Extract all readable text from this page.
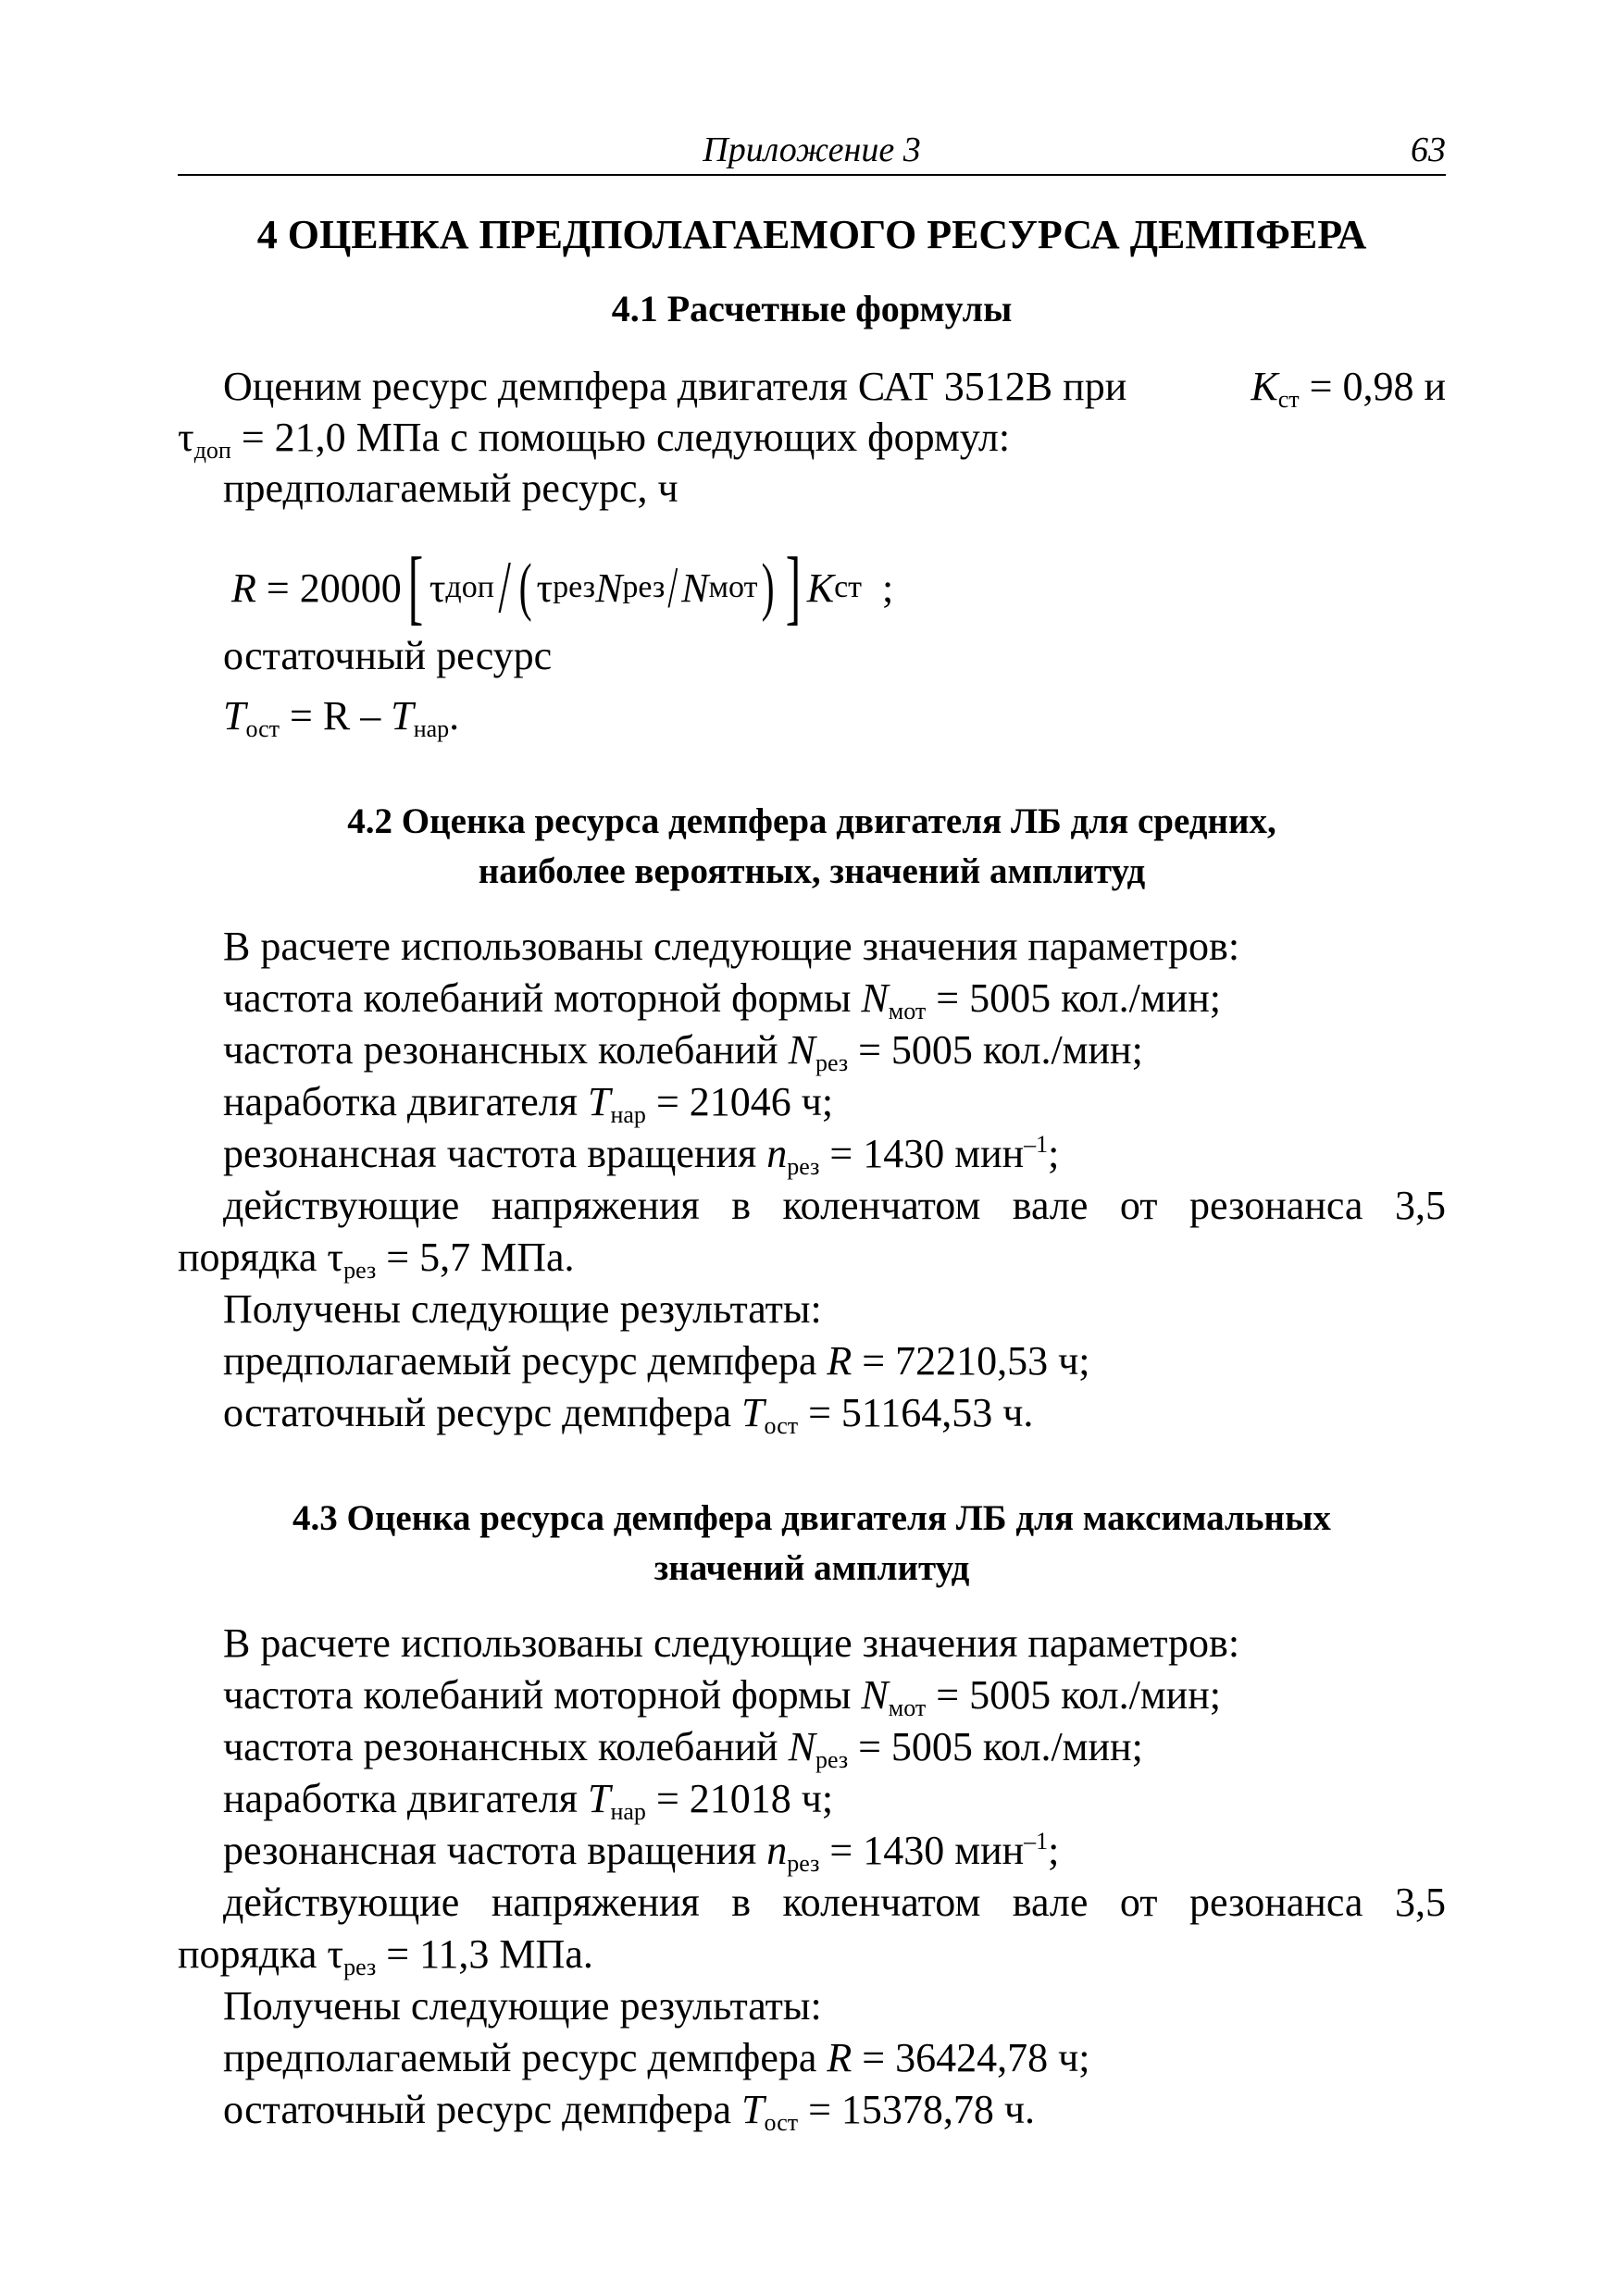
Приложение 3	63
4 ОЦЕНКА ПРЕДПОЛАГАЕМОГО РЕСУРСА ДЕМПФЕРА
4.1 Расчетные формулы
Оценим ресурс демпфера двигателя САТ 3512В при	$K_{ст} = 0,98$ и
$\tau_{доп} = 21,0$ МПа с помощью следующих формул:
предполагаемый ресурс, ч
R
= 20000 [ τ доп / ( τ рез N рез / N мот ) ] K ст
;
остаточный ресурс
$T_{ост} = R - T_{нар}$.
4.2 Оценка ресурса демпфера двигателя ЛБ для средних,
наиболее вероятных, значений амплитуд
В расчете использованы следующие значения параметров:
частота колебаний моторной формы $N_{мот} = 5005$ кол./мин;
частота резонансных колебаний $N_{рез} = 5005$ кол./мин;
наработка двигателя $T_{нар} = 21046$ ч;
резонансная частота вращения $n_{рез} = 1430$ мин$^{-1}$;
действующие напряжения в коленчатом вале от резонанса 3,5
порядка $\tau_{рез} = 5,7$ МПа.
Получены следующие результаты:
предполагаемый ресурс демпфера R = 72210,53 ч;
остаточный ресурс демпфера $T_{ост} = 51164,53$ ч.
4.3 Оценка ресурса демпфера двигателя ЛБ для максимальных
значений амплитуд
В расчете использованы следующие значения параметров:
частота колебаний моторной формы $N_{мот} = 5005$ кол./мин;
частота резонансных колебаний $N_{рез} = 5005$ кол./мин;
наработка двигателя $T_{нар} = 21018$ ч;
резонансная частота вращения $n_{рез} = 1430$ мин$^{-1}$;
действующие напряжения в коленчатом вале от резонанса 3,5
порядка $\tau_{рез} = 11,3$ МПа.
Получены следующие результаты:
предполагаемый ресурс демпфера R = 36424,78 ч;
остаточный ресурс демпфера $T_{ост} = 15378,78$ ч.
